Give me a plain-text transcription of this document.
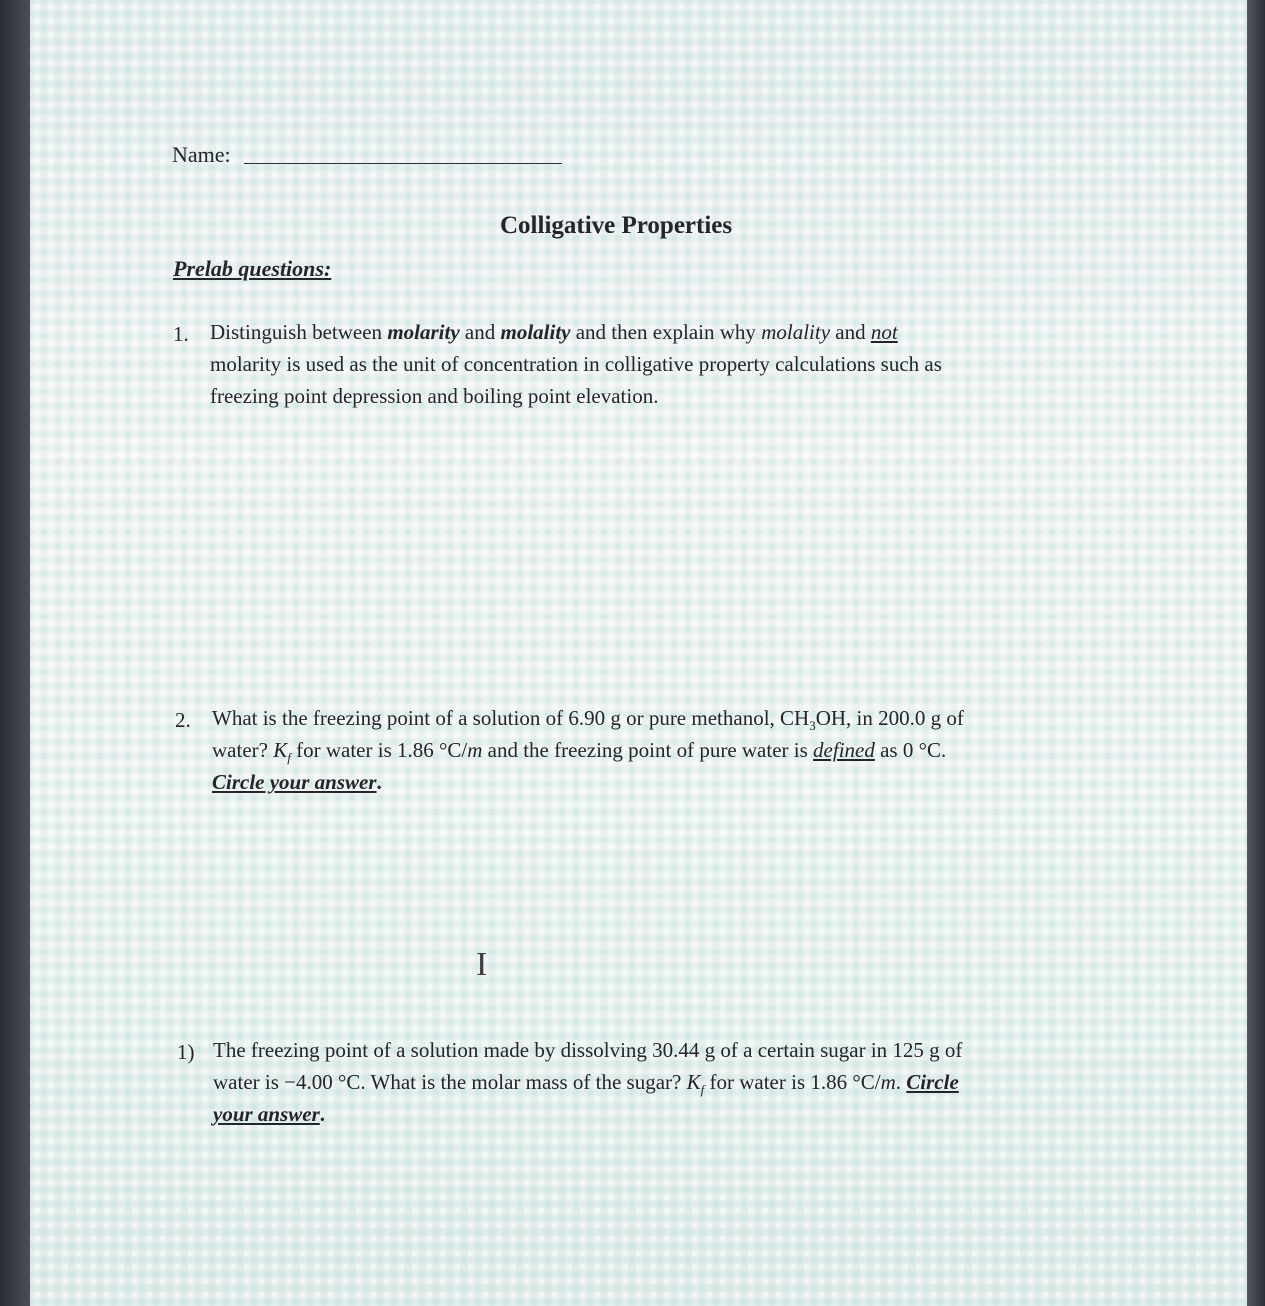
Name:
Colligative Properties
Prelab questions:
1. Distinguish between molarity and molality and then explain why molality and not
molarity is used as the unit of concentration in colligative property calculations such as
freezing point depression and boiling point elevation.
2. What is the freezing point of a solution of 6.90 g or pure methanol, $CH_3OH$, in 200.0 g of
water? $K_f$ for water is 1.86 °C/m and the freezing point of pure water is defined as 0 °C.
Circle your answer.
I
1) The freezing point of a solution made by dissolving 30.44 g of a certain sugar in 125 g of
water is −4.00 °C. What is the molar mass of the sugar? $K_f$ for water is 1.86 °C/m. Circle
your answer.
